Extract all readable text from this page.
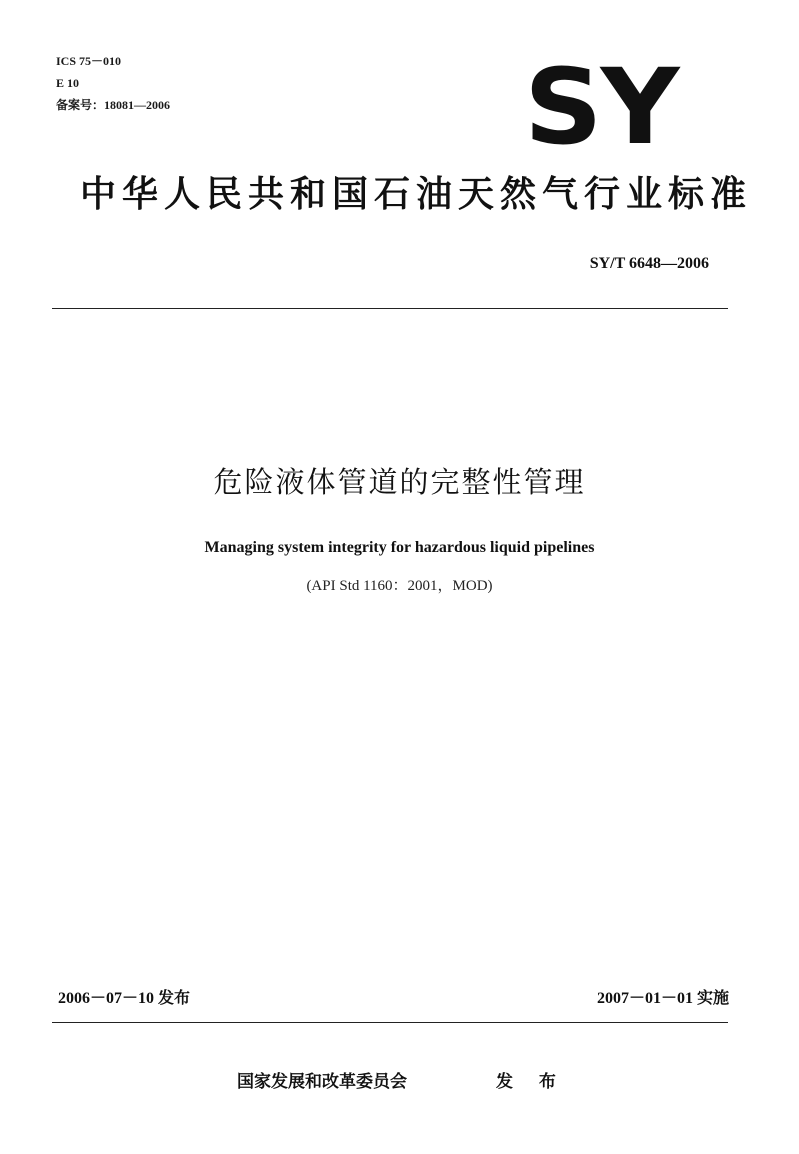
ICS 75－010
E 10
备案号：18081—2006	SY
中华人民共和国石油天然气行业标准
SY/T 6648—2006
危险液体管道的完整性管理
Managing system integrity for hazardous liquid pipelines
(API Std 1160：2001，MOD)
2006－07－10 发布	2007－01－01 实施
国家发展和改革委员会	发 布
